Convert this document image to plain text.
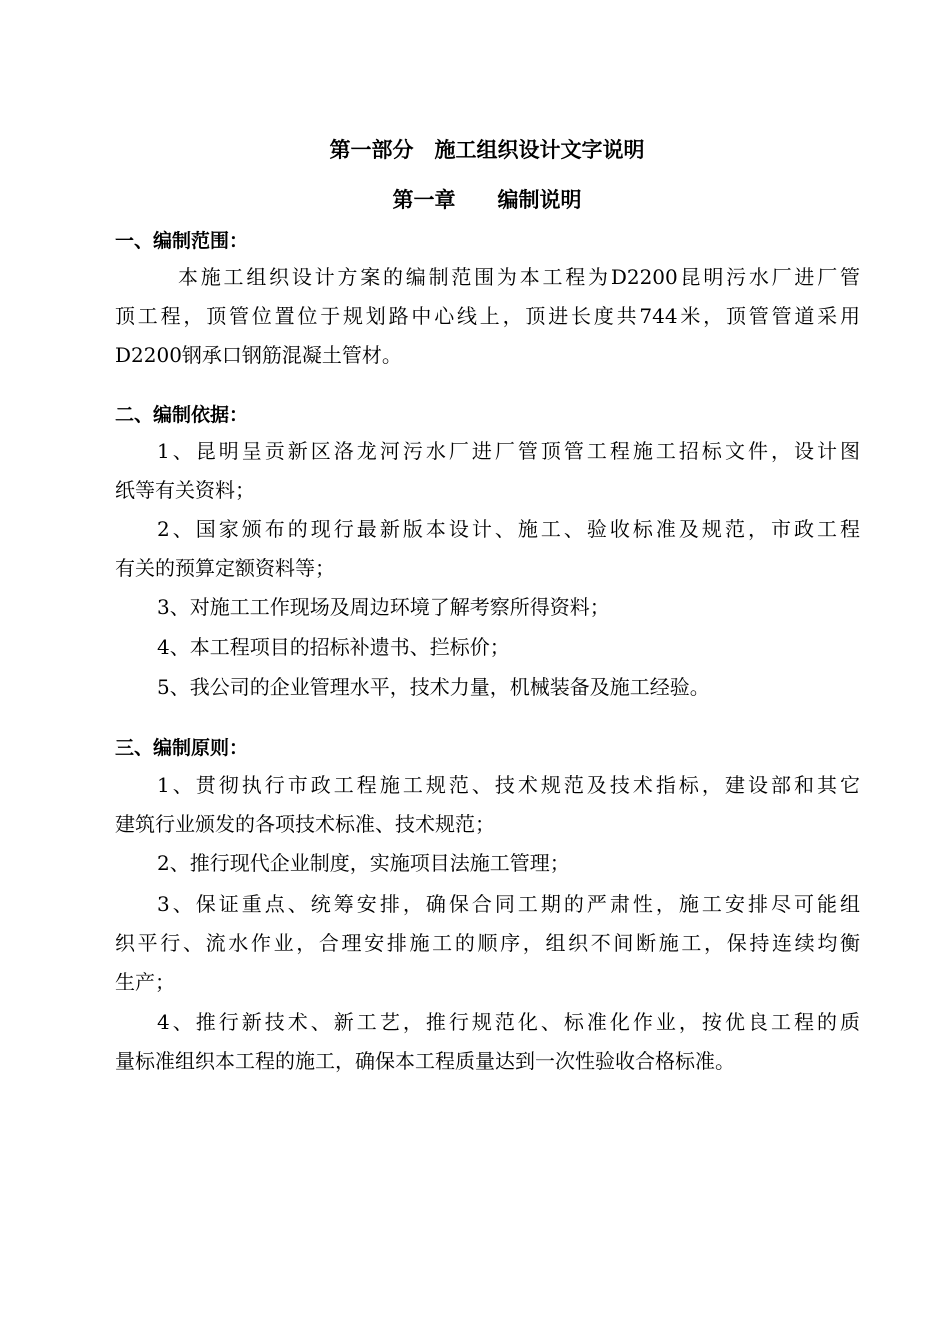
第一部分　施工组织设计文字说明
第一章　　编制说明
一、编制范围：
本施工组织设计方案的编制范围为本工程为D2200昆明污水厂进厂管
顶工程，顶管位置位于规划路中心线上，顶进长度共744米，顶管管道采用
D2200钢承口钢筋混凝土管材。
二、编制依据：
1、昆明呈贡新区洛龙河污水厂进厂管顶管工程施工招标文件，设计图
纸等有关资料；
2、国家颁布的现行最新版本设计、施工、验收标准及规范，市政工程
有关的预算定额资料等；
3、对施工工作现场及周边环境了解考察所得资料；
4、本工程项目的招标补遗书、拦标价；
5、我公司的企业管理水平，技术力量，机械装备及施工经验。
三、编制原则：
1、贯彻执行市政工程施工规范、技术规范及技术指标，建设部和其它
建筑行业颁发的各项技术标准、技术规范；
2、推行现代企业制度，实施项目法施工管理；
3、保证重点、统筹安排，确保合同工期的严肃性，施工安排尽可能组
织平行、流水作业，合理安排施工的顺序，组织不间断施工，保持连续均衡
生产；
4、推行新技术、新工艺，推行规范化、标准化作业，按优良工程的质
量标准组织本工程的施工，确保本工程质量达到一次性验收合格标准。
